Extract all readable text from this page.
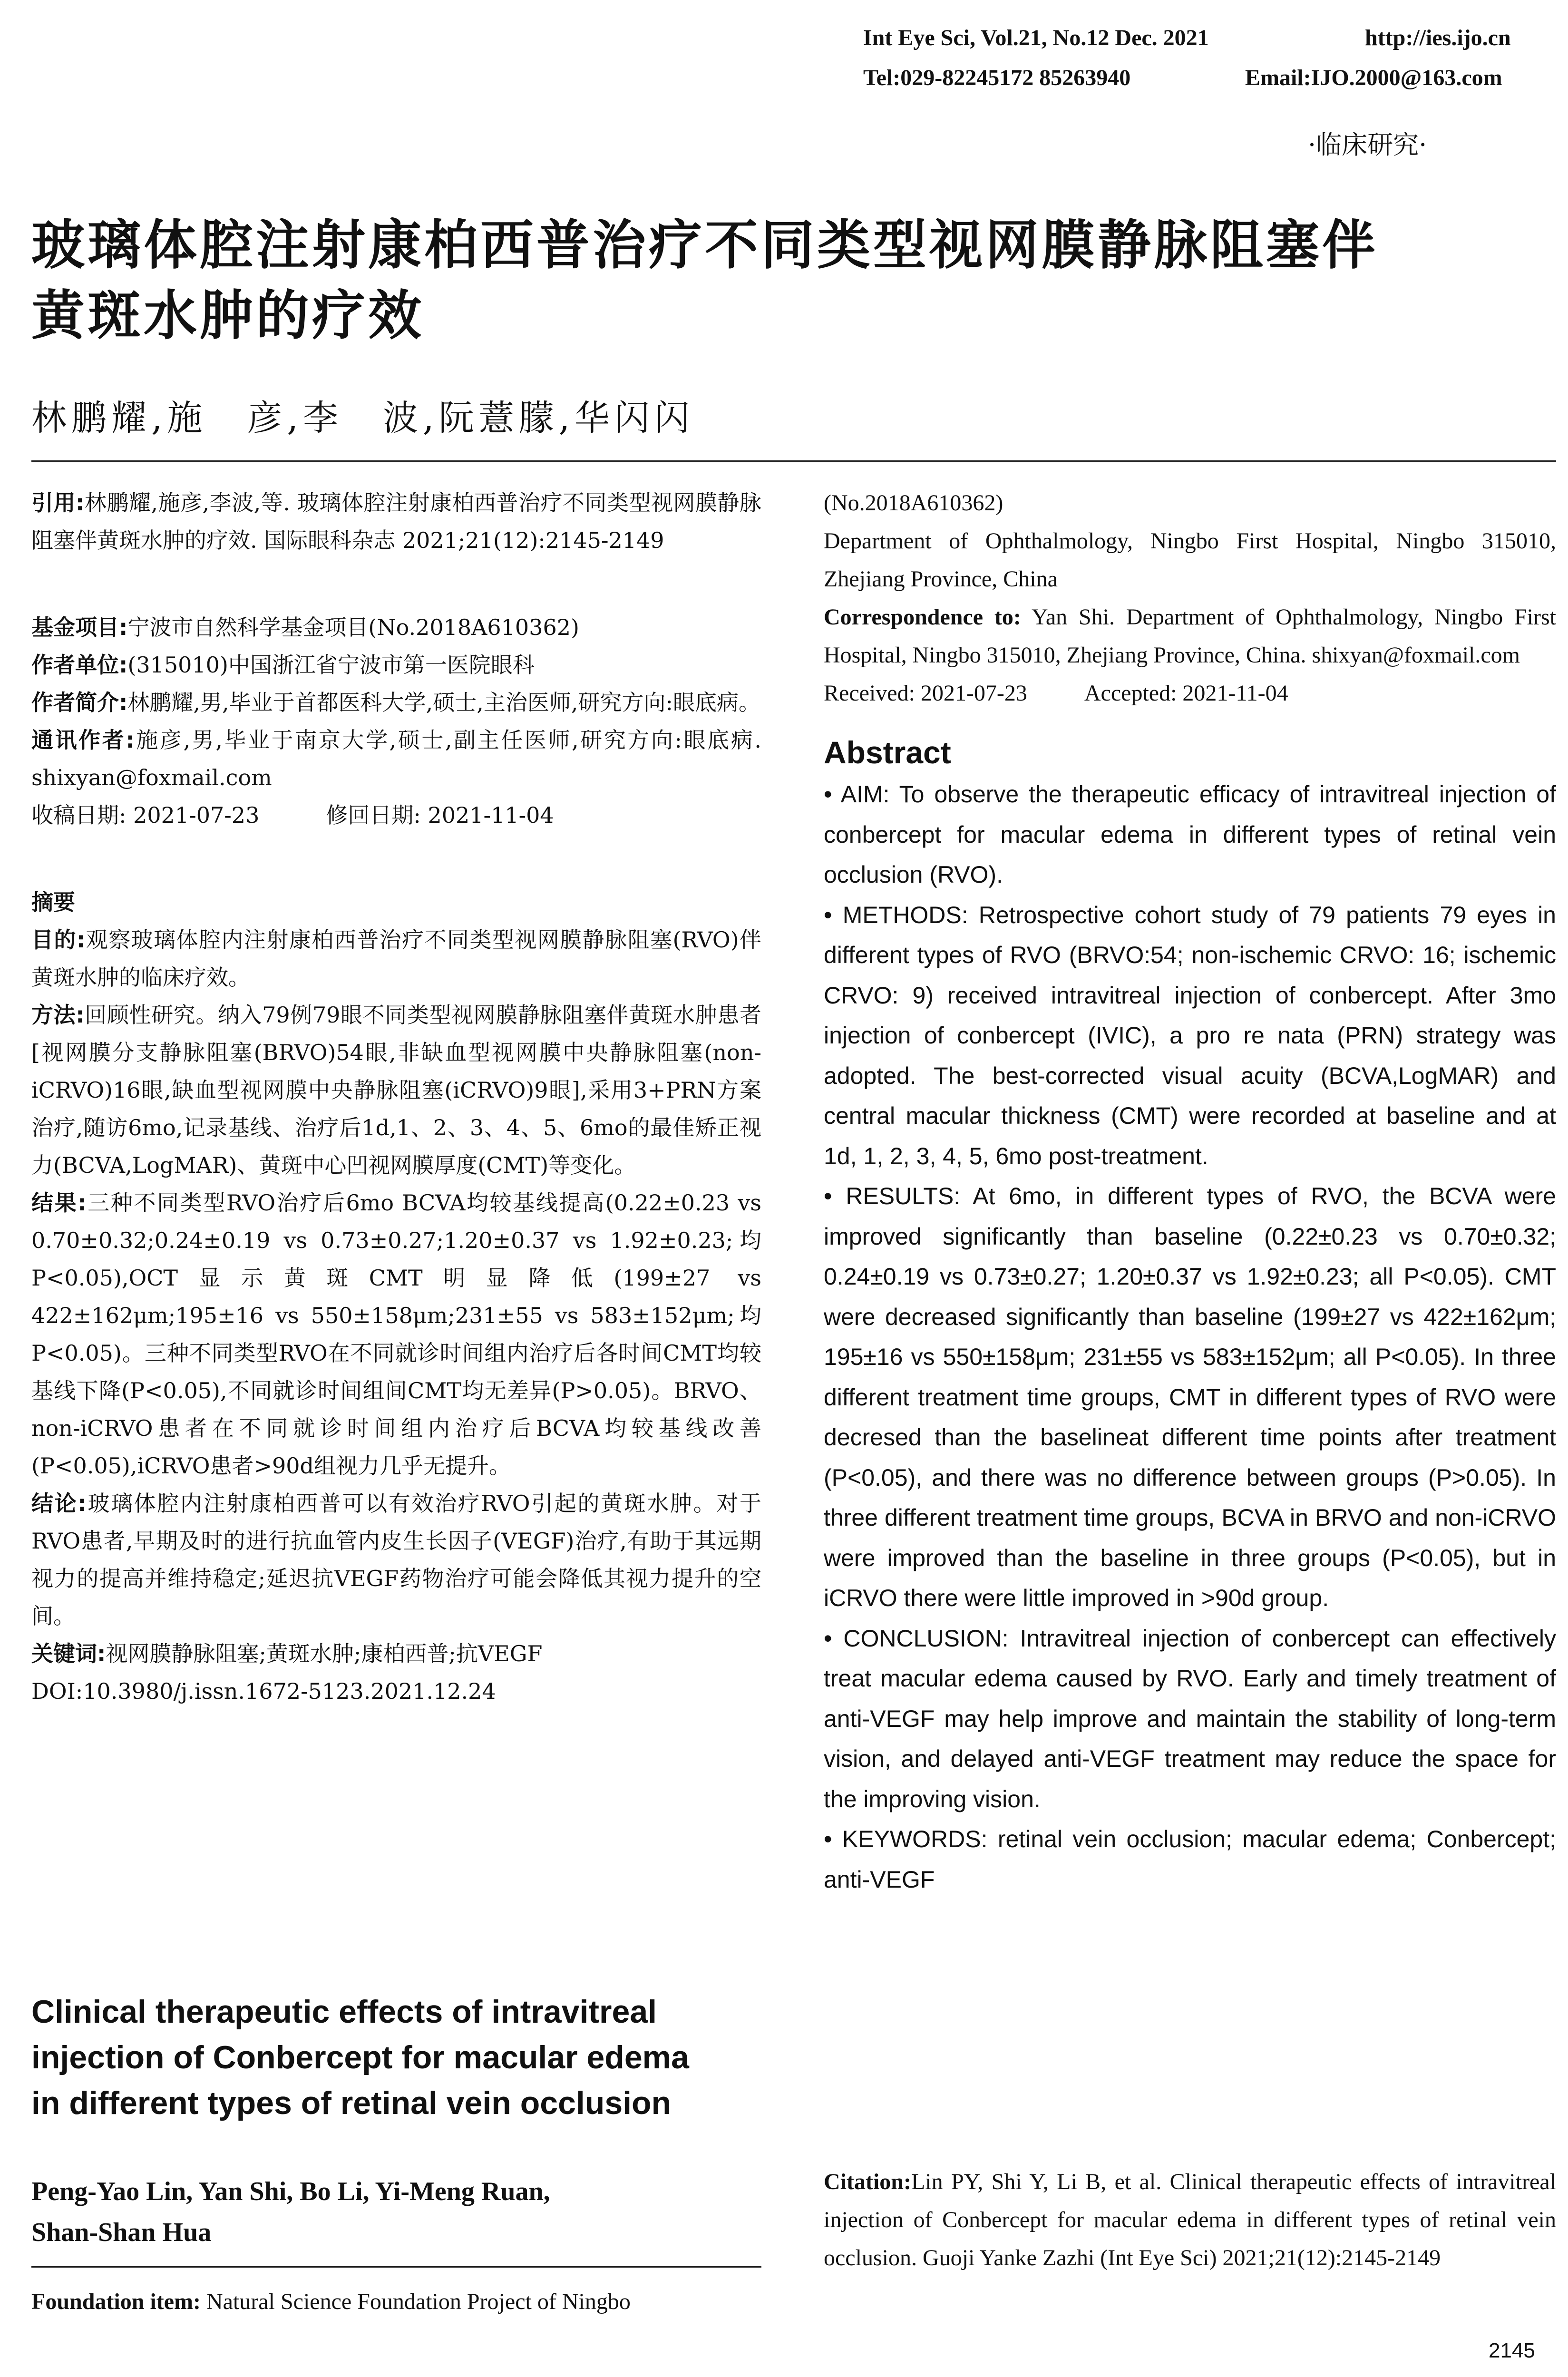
Int Eye Sci, Vol.21, No.12 Dec. 2021	http://ies.ijo.cn
Tel:029-82245172 85263940	Email:IJO.2000@163.com
·临床研究·
玻璃体腔注射康柏西普治疗不同类型视网膜静脉阻塞伴
黄斑水肿的疗效
林鹏耀,施　彦,李　波,阮薏朦,华闪闪

引用:林鹏耀,施彦,李波,等. 玻璃体腔注射康柏西普治疗不同类型视网膜静脉阻塞伴黄斑水肿的疗效. 国际眼科杂志 2021;21(12):2145-2149

基金项目:宁波市自然科学基金项目(No.2018A610362)

作者单位:(315010)中国浙江省宁波市第一医院眼科

作者简介:林鹏耀,男,毕业于首都医科大学,硕士,主治医师,研究方向:眼底病。

通讯作者:施彦,男,毕业于南京大学,硕士,副主任医师,研究方向:眼底病. shixyan@foxmail.com

收稿日期: 2021-07-23	修回日期: 2021-11-04

摘要

目的:观察玻璃体腔内注射康柏西普治疗不同类型视网膜静脉阻塞(RVO)伴黄斑水肿的临床疗效。

方法:回顾性研究。纳入79例79眼不同类型视网膜静脉阻塞伴黄斑水肿患者[视网膜分支静脉阻塞(BRVO)54眼,非缺血型视网膜中央静脉阻塞(non-iCRVO)16眼,缺血型视网膜中央静脉阻塞(iCRVO)9眼],采用3+PRN方案治疗,随访6mo,记录基线、治疗后1d,1、2、3、4、5、6mo的最佳矫正视力(BCVA,LogMAR)、黄斑中心凹视网膜厚度(CMT)等变化。

结果:三种不同类型RVO治疗后6mo BCVA均较基线提高(0.22±0.23 vs 0.70±0.32;0.24±0.19 vs 0.73±0.27;1.20±0.37 vs 1.92±0.23;均P<0.05),OCT显示黄斑CMT明显降低(199±27 vs 422±162μm;195±16 vs 550±158μm;231±55 vs 583±152μm;均P<0.05)。三种不同类型RVO在不同就诊时间组内治疗后各时间CMT均较基线下降(P<0.05),不同就诊时间组间CMT均无差异(P>0.05)。BRVO、non-iCRVO患者在不同就诊时间组内治疗后BCVA均较基线改善(P<0.05),iCRVO患者>90d组视力几乎无提升。

结论:玻璃体腔内注射康柏西普可以有效治疗RVO引起的黄斑水肿。对于RVO患者,早期及时的进行抗血管内皮生长因子(VEGF)治疗,有助于其远期视力的提高并维持稳定;延迟抗VEGF药物治疗可能会降低其视力提升的空间。

关键词:视网膜静脉阻塞;黄斑水肿;康柏西普;抗VEGF

DOI:10.3980/j.issn.1672-5123.2021.12.24

Clinical therapeutic effects of intravitreal
injection of Conbercept for macular edema
in different types of retinal vein occlusion
Peng-Yao Lin, Yan Shi, Bo Li, Yi-Meng Ruan,
Shan-Shan Hua

Foundation item: Natural Science Foundation Project of Ningbo

(No.2018A610362)

Department of Ophthalmology, Ningbo First Hospital, Ningbo 315010, Zhejiang Province, China

Correspondence to: Yan Shi. Department of Ophthalmology, Ningbo First Hospital, Ningbo 315010, Zhejiang Province, China. shixyan@foxmail.com

Received: 2021-07-23	Accepted: 2021-11-04

Abstract

• AIM: To observe the therapeutic efficacy of intravitreal injection of conbercept for macular edema in different types of retinal vein occlusion (RVO).

• METHODS: Retrospective cohort study of 79 patients 79 eyes in different types of RVO (BRVO:54; non-ischemic CRVO: 16; ischemic CRVO: 9) received intravitreal injection of conbercept. After 3mo injection of conbercept (IVIC), a pro re nata (PRN) strategy was adopted. The best-corrected visual acuity (BCVA,LogMAR) and central macular thickness (CMT) were recorded at baseline and at 1d, 1, 2, 3, 4, 5, 6mo post-treatment.

• RESULTS: At 6mo, in different types of RVO, the BCVA were improved significantly than baseline (0.22±0.23 vs 0.70±0.32; 0.24±0.19 vs 0.73±0.27; 1.20±0.37 vs 1.92±0.23; all P<0.05). CMT were decreased significantly than baseline (199±27 vs 422±162μm; 195±16 vs 550±158μm; 231±55 vs 583±152μm; all P<0.05). In three different treatment time groups, CMT in different types of RVO were decresed than the baselineat different time points after treatment (P<0.05), and there was no difference between groups (P>0.05). In three different treatment time groups, BCVA in BRVO and non-iCRVO were improved than the baseline in three groups (P<0.05), but in iCRVO there were little improved in >90d group.

• CONCLUSION: Intravitreal injection of conbercept can effectively treat macular edema caused by RVO. Early and timely treatment of anti-VEGF may help improve and maintain the stability of long-term vision, and delayed anti-VEGF treatment may reduce the space for the improving vision.

• KEYWORDS: retinal vein occlusion; macular edema; Conbercept; anti-VEGF

Citation:Lin PY, Shi Y, Li B, et al. Clinical therapeutic effects of intravitreal injection of Conbercept for macular edema in different types of retinal vein occlusion. Guoji Yanke Zazhi (Int Eye Sci) 2021;21(12):2145-2149

2145
